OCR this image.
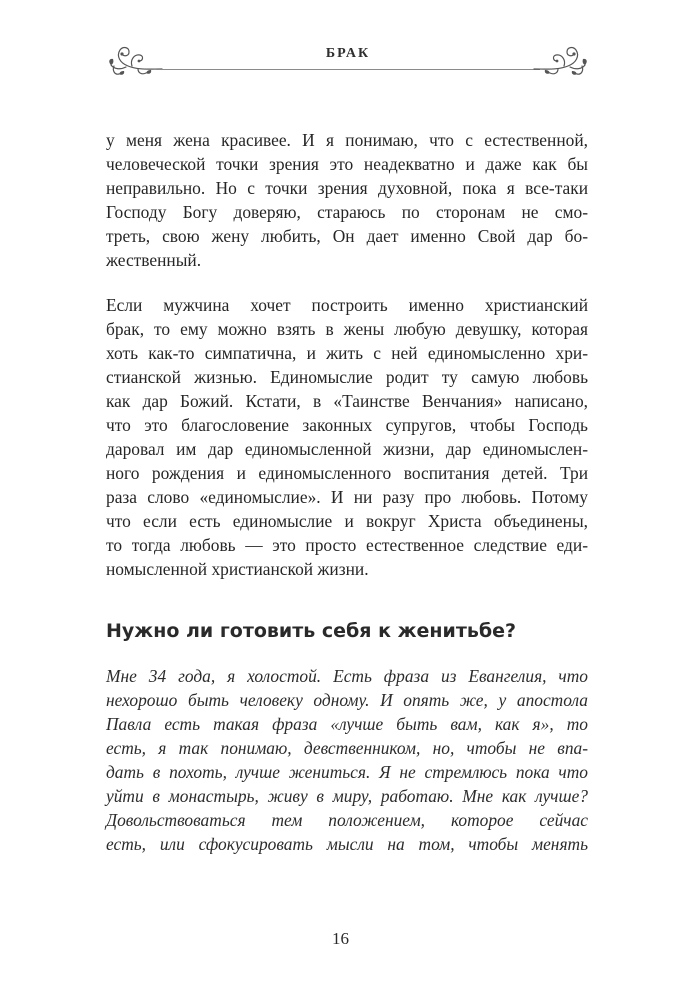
БРАК
у меня жена красивее. И я понимаю, что с естественной,
человеческой точки зрения это неадекватно и даже как бы
неправильно. Но с точки зрения духовной, пока я все-таки
Господу Богу доверяю, стараюсь по сторонам не смо-
треть, свою жену любить, Он дает именно Свой дар бо-
жественный.
Если мужчина хочет построить именно христианский
брак, то ему можно взять в жены любую девушку, которая
хоть как-то симпатична, и жить с ней единомысленно хри-
стианской жизнью. Единомыслие родит ту самую любовь
как дар Божий. Кстати, в «Таинстве Венчания» написано,
что это благословение законных супругов, чтобы Господь
даровал им дар единомысленной жизни, дар единомыслен-
ного рождения и единомысленного воспитания детей. Три
раза слово «единомыслие». И ни разу про любовь. Потому
что если есть единомыслие и вокруг Христа объединены,
то тогда любовь — это просто естественное следствие еди-
номысленной христианской жизни.
Нужно ли готовить себя к женитьбе?
Мне 34 года, я холостой. Есть фраза из Евангелия, что
нехорошо быть человеку одному. И опять же, у апостола
Павла есть такая фраза «лучше быть вам, как я», то
есть, я так понимаю, девственником, но, чтобы не впа-
дать в похоть, лучше жениться. Я не стремлюсь пока что
уйти в монастырь, живу в миру, работаю. Мне как лучше?
Довольствоваться тем положением, которое сейчас
есть, или сфокусировать мысли на том, чтобы менять
16
